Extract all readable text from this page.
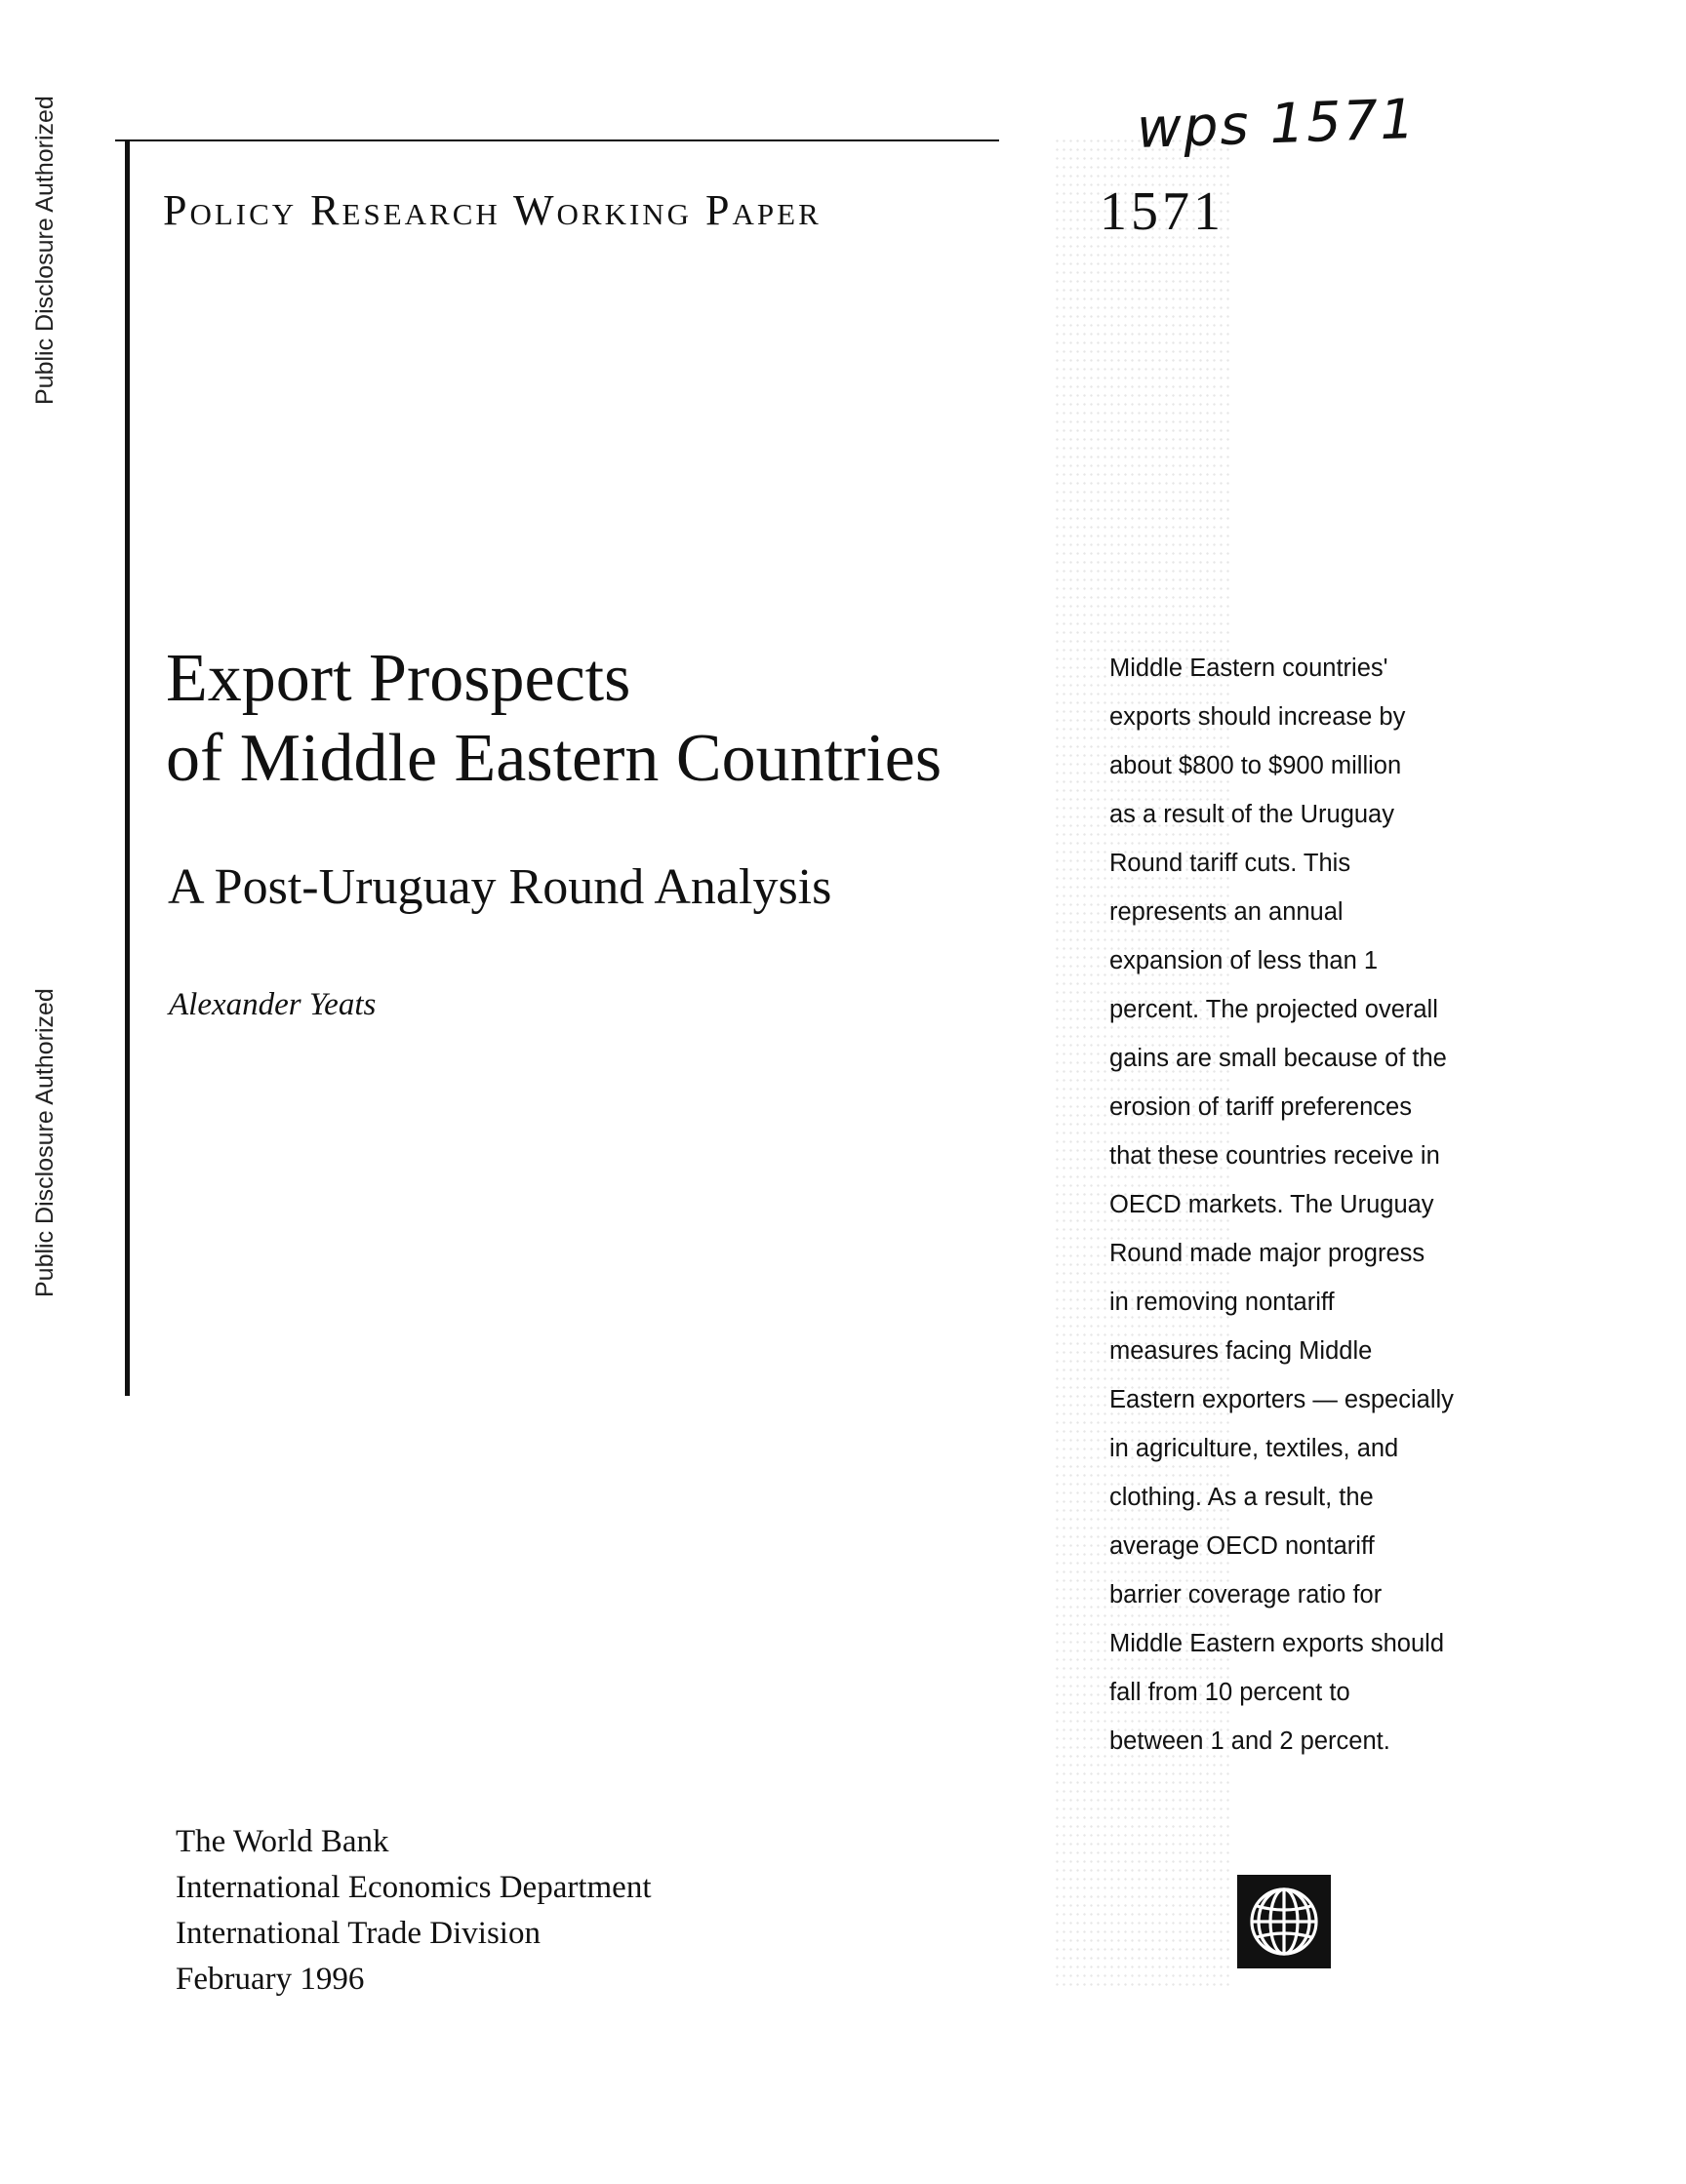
Public Disclosure Authorized
Public Disclosure Authorized
Policy Research Working Paper
wps 1571
1571
Export Prospects
of Middle Eastern Countries
A Post-Uruguay Round Analysis
Alexander Yeats
Middle Eastern countries'
exports should increase by
about $800 to $900 million
as a result of the Uruguay
Round tariff cuts. This
represents an annual
expansion of less than 1
percent. The projected overall
gains are small because of the
erosion of tariff preferences
that these countries receive in
OECD markets. The Uruguay
Round made major progress
in removing nontariff
measures facing Middle
Eastern exporters — especially
in agriculture, textiles, and
clothing. As a result, the
average OECD nontariff
barrier coverage ratio for
Middle Eastern exports should
fall from 10 percent to
between 1 and 2 percent.
The World Bank
International Economics Department
International Trade Division
February 1996
